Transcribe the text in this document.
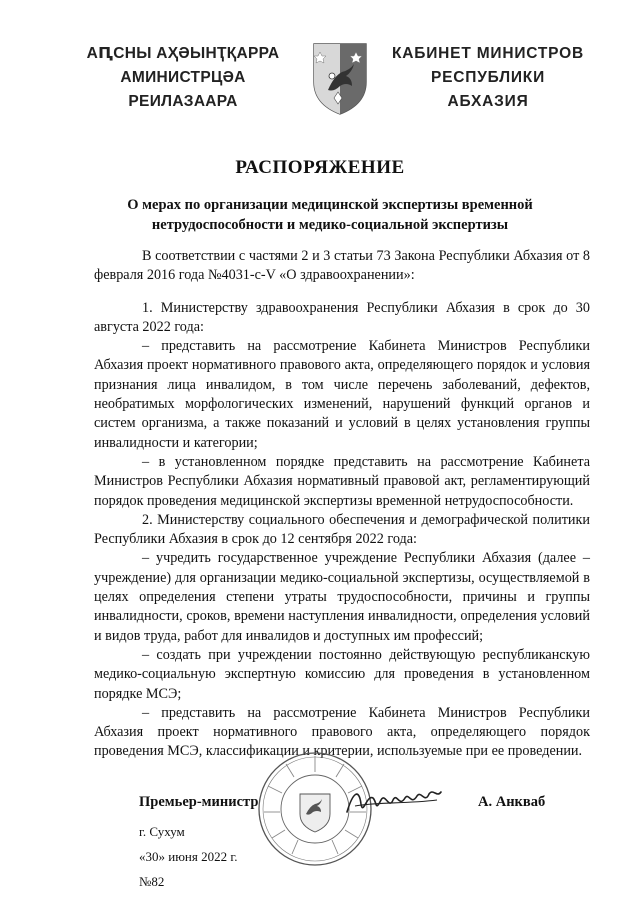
АԤСНЫ АҲӘЫНҬҚАРРА
АМИНИСТРЦӘА РЕИЛАЗААРА
КАБИНЕТ МИНИСТРОВ
РЕСПУБЛИКИ АБХАЗИЯ
РАСПОРЯЖЕНИЕ
О мерах по организации медицинской экспертизы временной
нетрудоспособности и медико-социальной экспертизы

В соответствии с частями 2 и 3 статьи 73 Закона Республики Абхазия от 8 февраля 2016 года №4031-с-V «О здравоохранении»:

1. Министерству здравоохранения Республики Абхазия в срок до 30 августа 2022 года:

– представить на рассмотрение Кабинета Министров Республики Абхазия проект нормативного правового акта, определяющего порядок и условия признания лица инвалидом, в том числе перечень заболеваний, дефектов, необратимых морфологических изменений, нарушений функций органов и систем организма, а также показаний и условий в целях установления группы инвалидности и категории;

– в установленном порядке представить на рассмотрение Кабинета Министров Республики Абхазия нормативный правовой акт, регламентирующий порядок проведения медицинской экспертизы временной нетрудоспособности.

2. Министерству социального обеспечения и демографической политики Республики Абхазия в срок до 12 сентября 2022 года:

– учредить государственное учреждение Республики Абхазия (далее – учреждение) для организации медико-социальной экспертизы, осуществляемой в целях определения степени утраты трудоспособности, причины и группы инвалидности, сроков, времени наступления инвалидности, определения условий и видов труда, работ для инвалидов и доступных им профессий;

– создать при учреждении постоянно действующую республиканскую медико-социальную экспертную комиссию для проведения в установленном порядке МСЭ;

– представить на рассмотрение Кабинета Министров Республики Абхазия проект нормативного правового акта, определяющего порядок проведения МСЭ, классификации и критерии, используемые при ее проведении.

Премьер-министр	А. Анкваб
г. Сухум
«30» июня 2022 г.
№82
